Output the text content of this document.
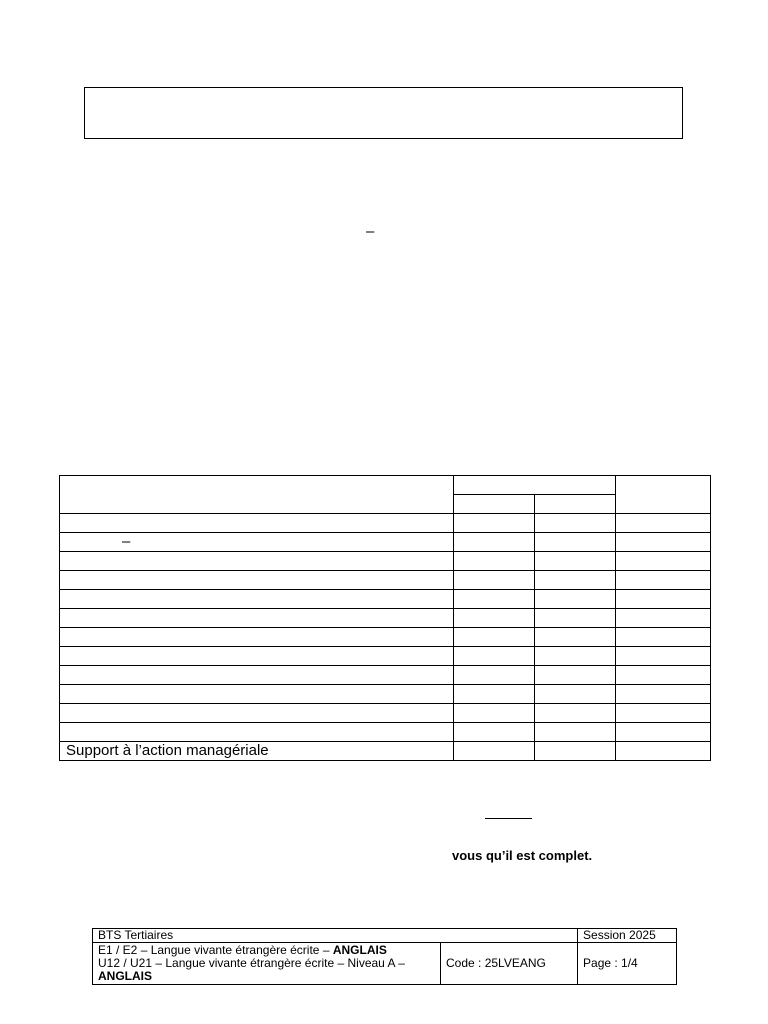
–

–			

Support à l’action managériale			
vous qu’il est complet.
BTS Tertiaires		Session 2025
E1 / E2 – Langue vivante étrangère écrite – ANGLAIS
U12 / U21 – Langue vivante étrangère écrite – Niveau A – ANGLAIS	Code : 25LVEANG	Page : 1/4
